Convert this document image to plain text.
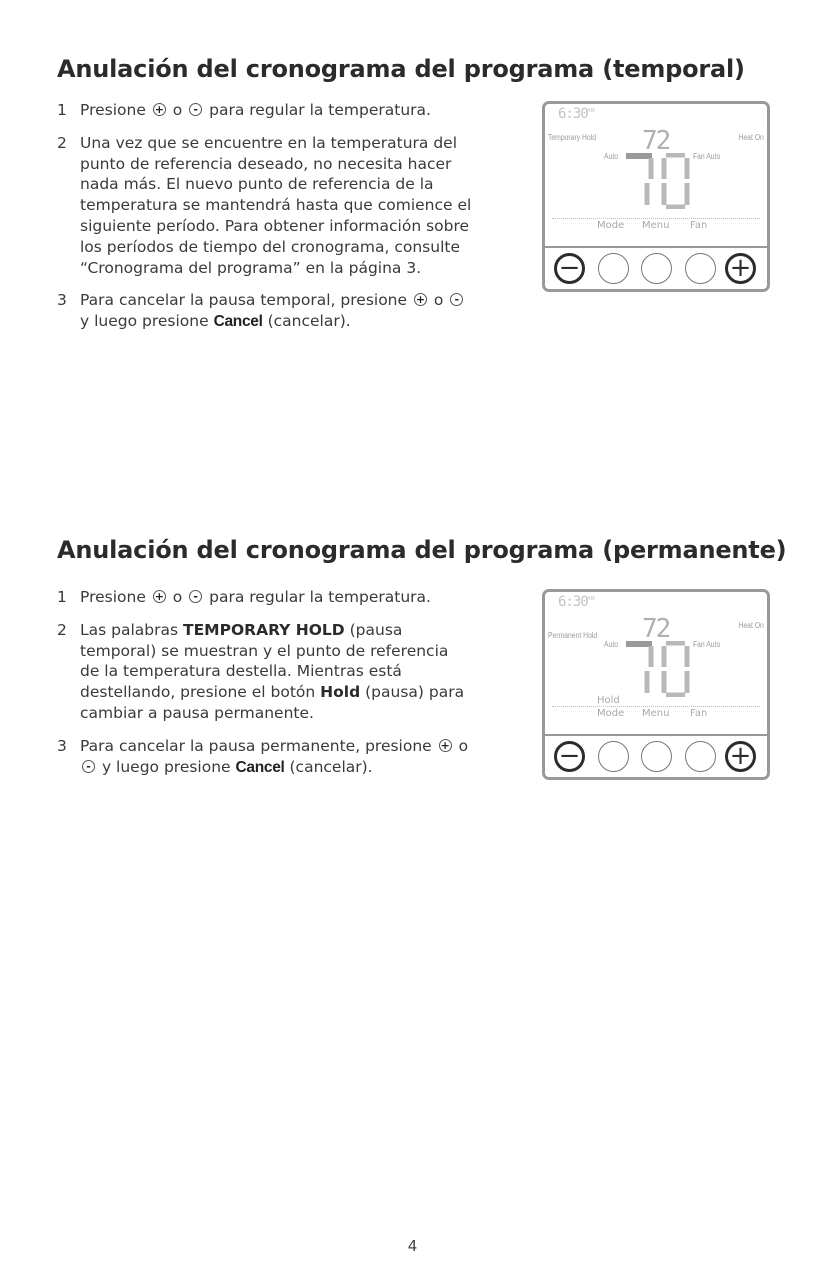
Anulación del cronograma del programa (temporal)
1 Presione + o - para regular la temperatura.
2 Una vez que se encuentre en la temperatura del punto de referencia deseado, no necesita hacer nada más. El nuevo punto de referencia de la temperatura se mantendrá hasta que comience el siguiente período. Para obtener información sobre los períodos de tiempo del cronograma, consulte “Cronograma del programa” en la página 3.
3 Para cancelar la pausa temporal, presione + o -
y luego presione Cancel (cancelar).
6:30 AM
Temporary Hold	Heat On
Auto	Fan Auto
72
Mode Menu Fan
−	+
Anulación del cronograma del programa (permanente)
1 Presione + o - para regular la temperatura.
2 Las palabras TEMPORARY HOLD (pausa temporal) se muestran y el punto de referencia de la temperatura destella. Mientras está destellando, presione el botón Hold (pausa) para cambiar a pausa permanente.
3 Para cancelar la pausa permanente, presione + o
- y luego presione Cancel (cancelar).
6:30 AM
Permanent Hold
Heat On
Auto	Fan Auto
72
Hold
Mode Menu Fan
−	+
4
